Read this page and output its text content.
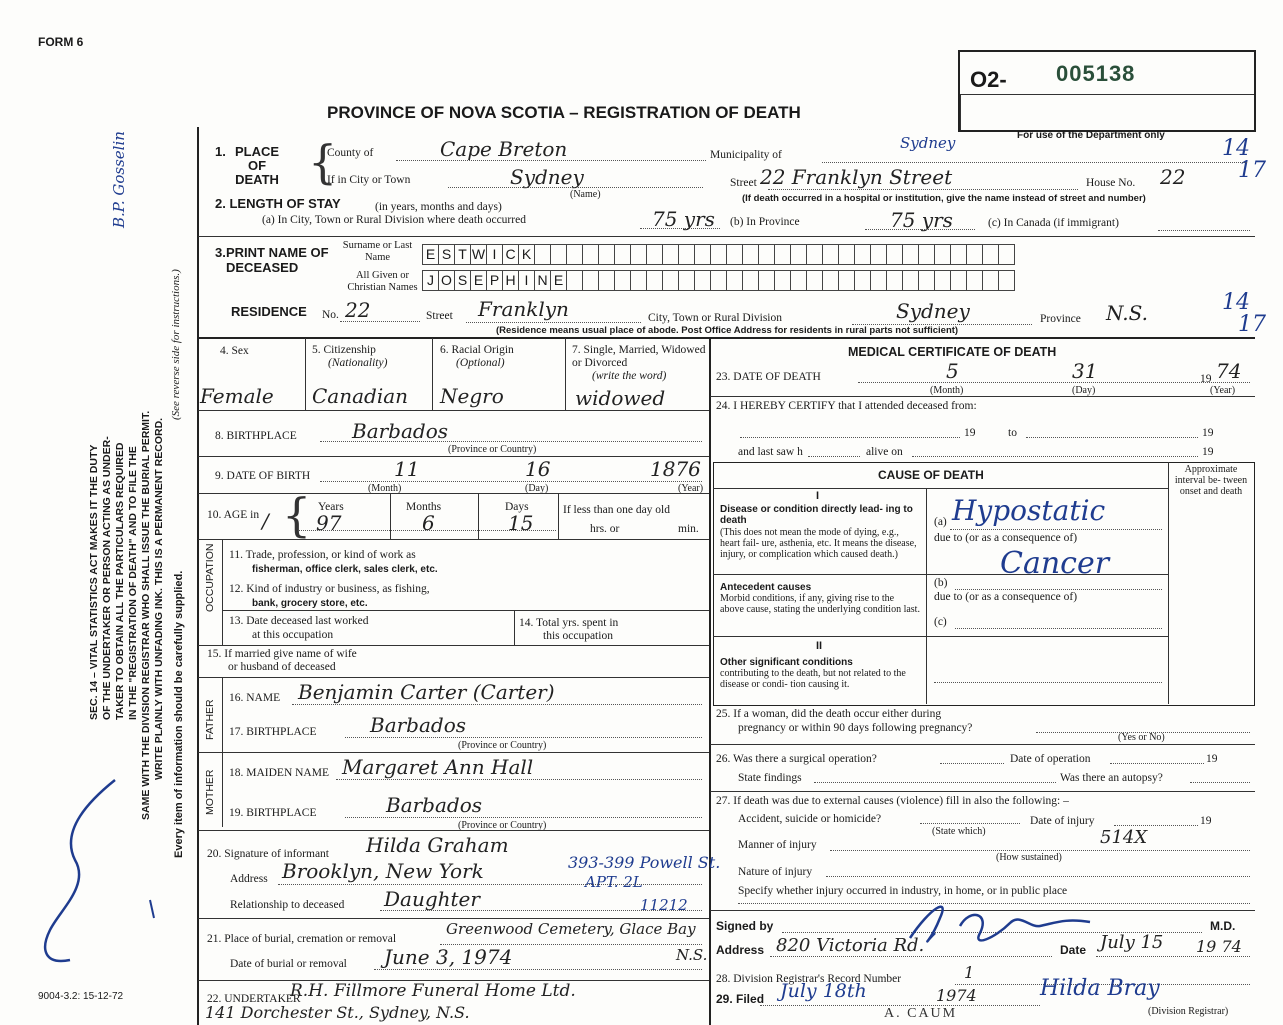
FORM 6
PROVINCE OF NOVA SCOTIA – REGISTRATION OF DEATH
O2- 005138
For use of the Department only
14
17
SEC. 14 – VITAL STATISTICS ACT MAKES IT THE DUTY OF THE UNDERTAKER OR PERSON ACTING AS UNDER- TAKER TO OBTAIN ALL THE PARTICULARS REQUIRED IN THE "REGISTRATION OF DEATH" AND TO FILE THE SAME WITH THE DIVISION REGISTRAR WHO SHALL ISSUE THE BURIAL PERMIT. WRITE PLAINLY WITH UNFADING INK. THIS IS A PERMANENT RECORD.
(See reverse side for instructions.)
Every item of information should be carefully supplied.
B.P. Gosselin
9004-3.2: 15-12-72
1. PLACE OF DEATH {
County of	Cape Breton	Municipality of
Sydney
If in City or Town	Sydney
(Name)
Street 22 Franklyn Street	House No. 22
(If death occurred in a hospital or institution, give the name instead of street and number)
2. LENGTH OF STAY	(in years, months and days)
(a) In City, Town or Rural Division where death occurred	75 yrs (b) In Province	75 yrs	(c) In Canada (if immigrant)
3. PRINT NAME OF DECEASED
Surname or Last Name
All Given or Christian Names
E S T W I C K
J O S E P H I N E
RESIDENCE No. 22	Street Franklyn	City, Town or Rural Division	Sydney	Province N.S.	14
17
(Residence means usual place of abode. Post Office Address for residents in rural parts not sufficient)
4. Sex	5. Citizenship
(Nationality)
6. Racial Origin
(Optional)
7. Single, Married, Widowed or Divorced
(write the word)
Female Canadian Negro	widowed
8. BIRTHPLACE	Barbados
(Province or Country)
9. DATE OF BIRTH	11	16	1876
(Month)	(Day)	(Year)
10. AGE in / { Years	Months	Days
97	6	15
If less than one day old
hrs. or	min.
OCCUPATION 11. Trade, profession, or kind of work as
fisherman, office clerk, sales clerk, etc.
12. Kind of industry or business, as fishing,
bank, grocery store, etc.
13. Date deceased last worked
at this occupation
14. Total yrs. spent in
this occupation
15. If married give name of wife
or husband of deceased
FATHER
16. NAME Benjamin Carter (Carter)
17. BIRTHPLACE	Barbados
(Province or Country)
MOTHER 18. MAIDEN NAME Margaret Ann Hall
19. BIRTHPLACE	Barbados
(Province or Country)
20. Signature of informant Hilda Graham
393-399 Powell St.
Address Brooklyn, New York	APT. 2L
Relationship to deceased Daughter	11212
21. Place of burial, cremation or removal
Greenwood Cemetery, Glace Bay
N.S.
Date of burial or removal June 3, 1974
22. UNDERTAKER
R.H. Fillmore Funeral Home Ltd.
141 Dorchester St., Sydney, N.S.
MEDICAL CERTIFICATE OF DEATH
23. DATE OF DEATH	5	31	19 74
(Month)	(Day)	(Year)
24. I HEREBY CERTIFY that I attended deceased from:
19	to	19
and last saw h	alive on	19
CAUSE OF DEATH	Approximate interval be- tween onset and death
I
Disease or condition directly lead- ing to death
(This does not mean the mode of dying, e.g., heart fail- ure, asthenia, etc. It means the disease, injury, or complication which caused death.)
(a) Hypostatic
due to (or as a consequence of)
Cancer
Antecedent causes
Morbid conditions, if any, giving rise to the above cause, stating the underlying condition last.
(b)
due to (or as a consequence of)
(c)
II
Other significant conditions
contributing to the death, but not related to the disease or condi- tion causing it.
25. If a woman, did the death occur either during
pregnancy or within 90 days following pregnancy?
(Yes or No)
26. Was there a surgical operation?	Date of operation	19
State findings	Was there an autopsy?
27. If death was due to external causes (violence) fill in also the following: –
Accident, suicide or homicide?	Date of injury	19
(State which)
Manner of injury	514X
(How sustained)
Nature of injury
Specify whether injury occurred in industry, in home, or in public place
Signed by	M.D.
Address 820 Victoria Rd.	Date July 15 19 74
28. Division Registrar's Record Number	1
29. Filed July 18th	1974	Hilda Bray
(Division Registrar)
A. CAUM
